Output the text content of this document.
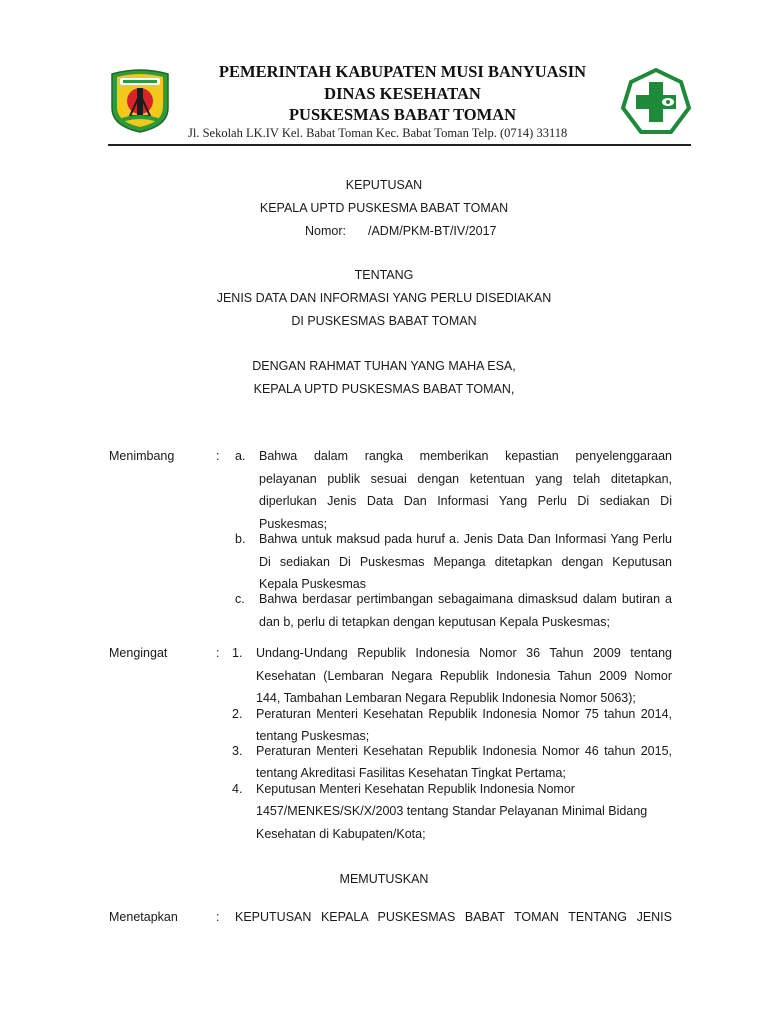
PEMERINTAH KABUPATEN MUSI BANYUASIN
DINAS KESEHATAN
PUSKESMAS BABAT TOMAN
Jl. Sekolah LK.IV Kel. Babat Toman Kec. Babat Toman Telp. (0714) 33118
KEPUTUSAN
KEPALA UPTD PUSKESMA BABAT TOMAN
Nomor: /ADM/PKM-BT/IV/2017
TENTANG
JENIS DATA DAN INFORMASI YANG PERLU DISEDIAKAN
DI PUSKESMAS BABAT TOMAN
DENGAN RAHMAT TUHAN YANG MAHA ESA,
KEPALA UPTD PUSKESMAS BABAT TOMAN,
Menimbang	: a. Bahwa dalam rangka memberikan kepastian penyelenggaraan
pelayanan publik sesuai dengan ketentuan yang telah ditetapkan,
diperlukan Jenis Data Dan Informasi Yang Perlu Di sediakan Di
Puskesmas;
b. Bahwa untuk maksud pada huruf a. Jenis Data Dan Informasi Yang Perlu
Di sediakan Di Puskesmas Mepanga ditetapkan dengan Keputusan
Kepala Puskesmas
c. Bahwa berdasar pertimbangan sebagaimana dimasksud dalam butiran a
dan b, perlu di tetapkan dengan keputusan Kepala Puskesmas;
Mengingat	: 1. Undang-Undang Republik Indonesia Nomor 36 Tahun 2009 tentang
Kesehatan (Lembaran Negara Republik Indonesia Tahun 2009 Nomor
144, Tambahan Lembaran Negara Republik Indonesia Nomor 5063);
2. Peraturan Menteri Kesehatan Republik Indonesia Nomor 75 tahun 2014,
tentang Puskesmas;
3. Peraturan Menteri Kesehatan Republik Indonesia Nomor 46 tahun 2015,
tentang Akreditasi Fasilitas Kesehatan Tingkat Pertama;
4. Keputusan Menteri Kesehatan Republik Indonesia Nomor
1457/MENKES/SK/X/2003 tentang Standar Pelayanan Minimal Bidang
Kesehatan di Kabupaten/Kota;
MEMUTUSKAN
Menetapkan	: KEPUTUSAN KEPALA PUSKESMAS BABAT TOMAN TENTANG JENIS
